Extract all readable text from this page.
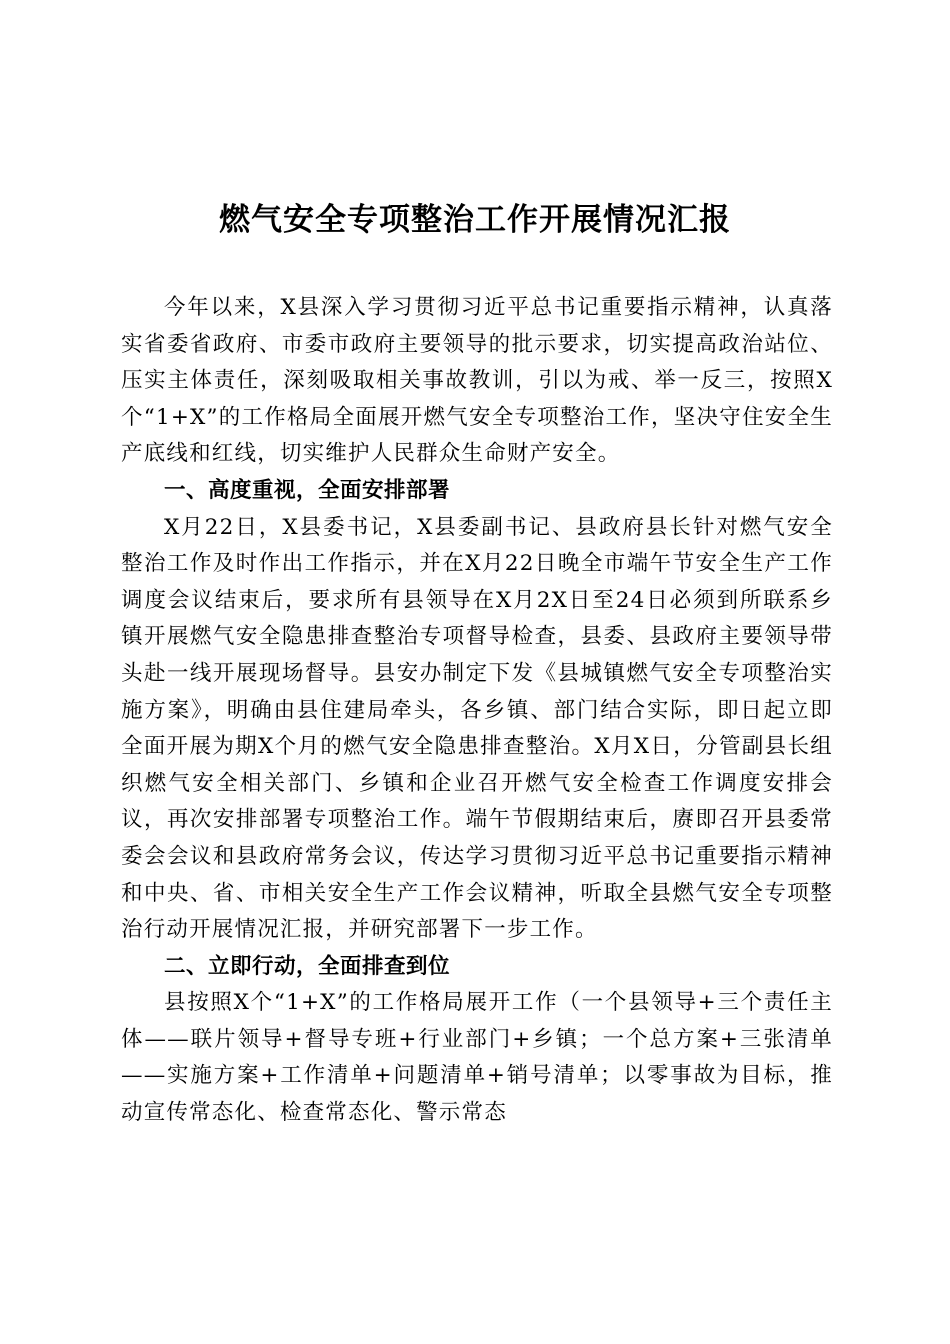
燃气安全专项整治工作开展情况汇报

今年以来，X县深入学习贯彻习近平总书记重要指示精神，认真落实省委省政府、市委市政府主要领导的批示要求，切实提高政治站位、压实主体责任，深刻吸取相关事故教训，引以为戒、举一反三，按照X个“1+X”的工作格局全面展开燃气安全专项整治工作，坚决守住安全生产底线和红线，切实维护人民群众生命财产安全。

一、高度重视，全面安排部署

X月22日，X县委书记，X县委副书记、县政府县长针对燃气安全整治工作及时作出工作指示，并在X月22日晚全市端午节安全生产工作调度会议结束后，要求所有县领导在X月2X日至24日必须到所联系乡镇开展燃气安全隐患排查整治专项督导检查，县委、县政府主要领导带头赴一线开展现场督导。县安办制定下发《县城镇燃气安全专项整治实施方案》，明确由县住建局牵头，各乡镇、部门结合实际，即日起立即全面开展为期X个月的燃气安全隐患排查整治。X月X日，分管副县长组织燃气安全相关部门、乡镇和企业召开燃气安全检查工作调度安排会议，再次安排部署专项整治工作。端午节假期结束后，赓即召开县委常委会会议和县政府常务会议，传达学习贯彻习近平总书记重要指示精神和中央、省、市相关安全生产工作会议精神，听取全县燃气安全专项整治行动开展情况汇报，并研究部署下一步工作。

二、立即行动，全面排查到位

县按照X个“1+X”的工作格局展开工作（一个县领导+三个责任主体——联片领导+督导专班+行业部门+乡镇；一个总方案+三张清单——实施方案+工作清单+问题清单+销号清单；以零事故为目标，推动宣传常态化、检查常态化、警示常态
